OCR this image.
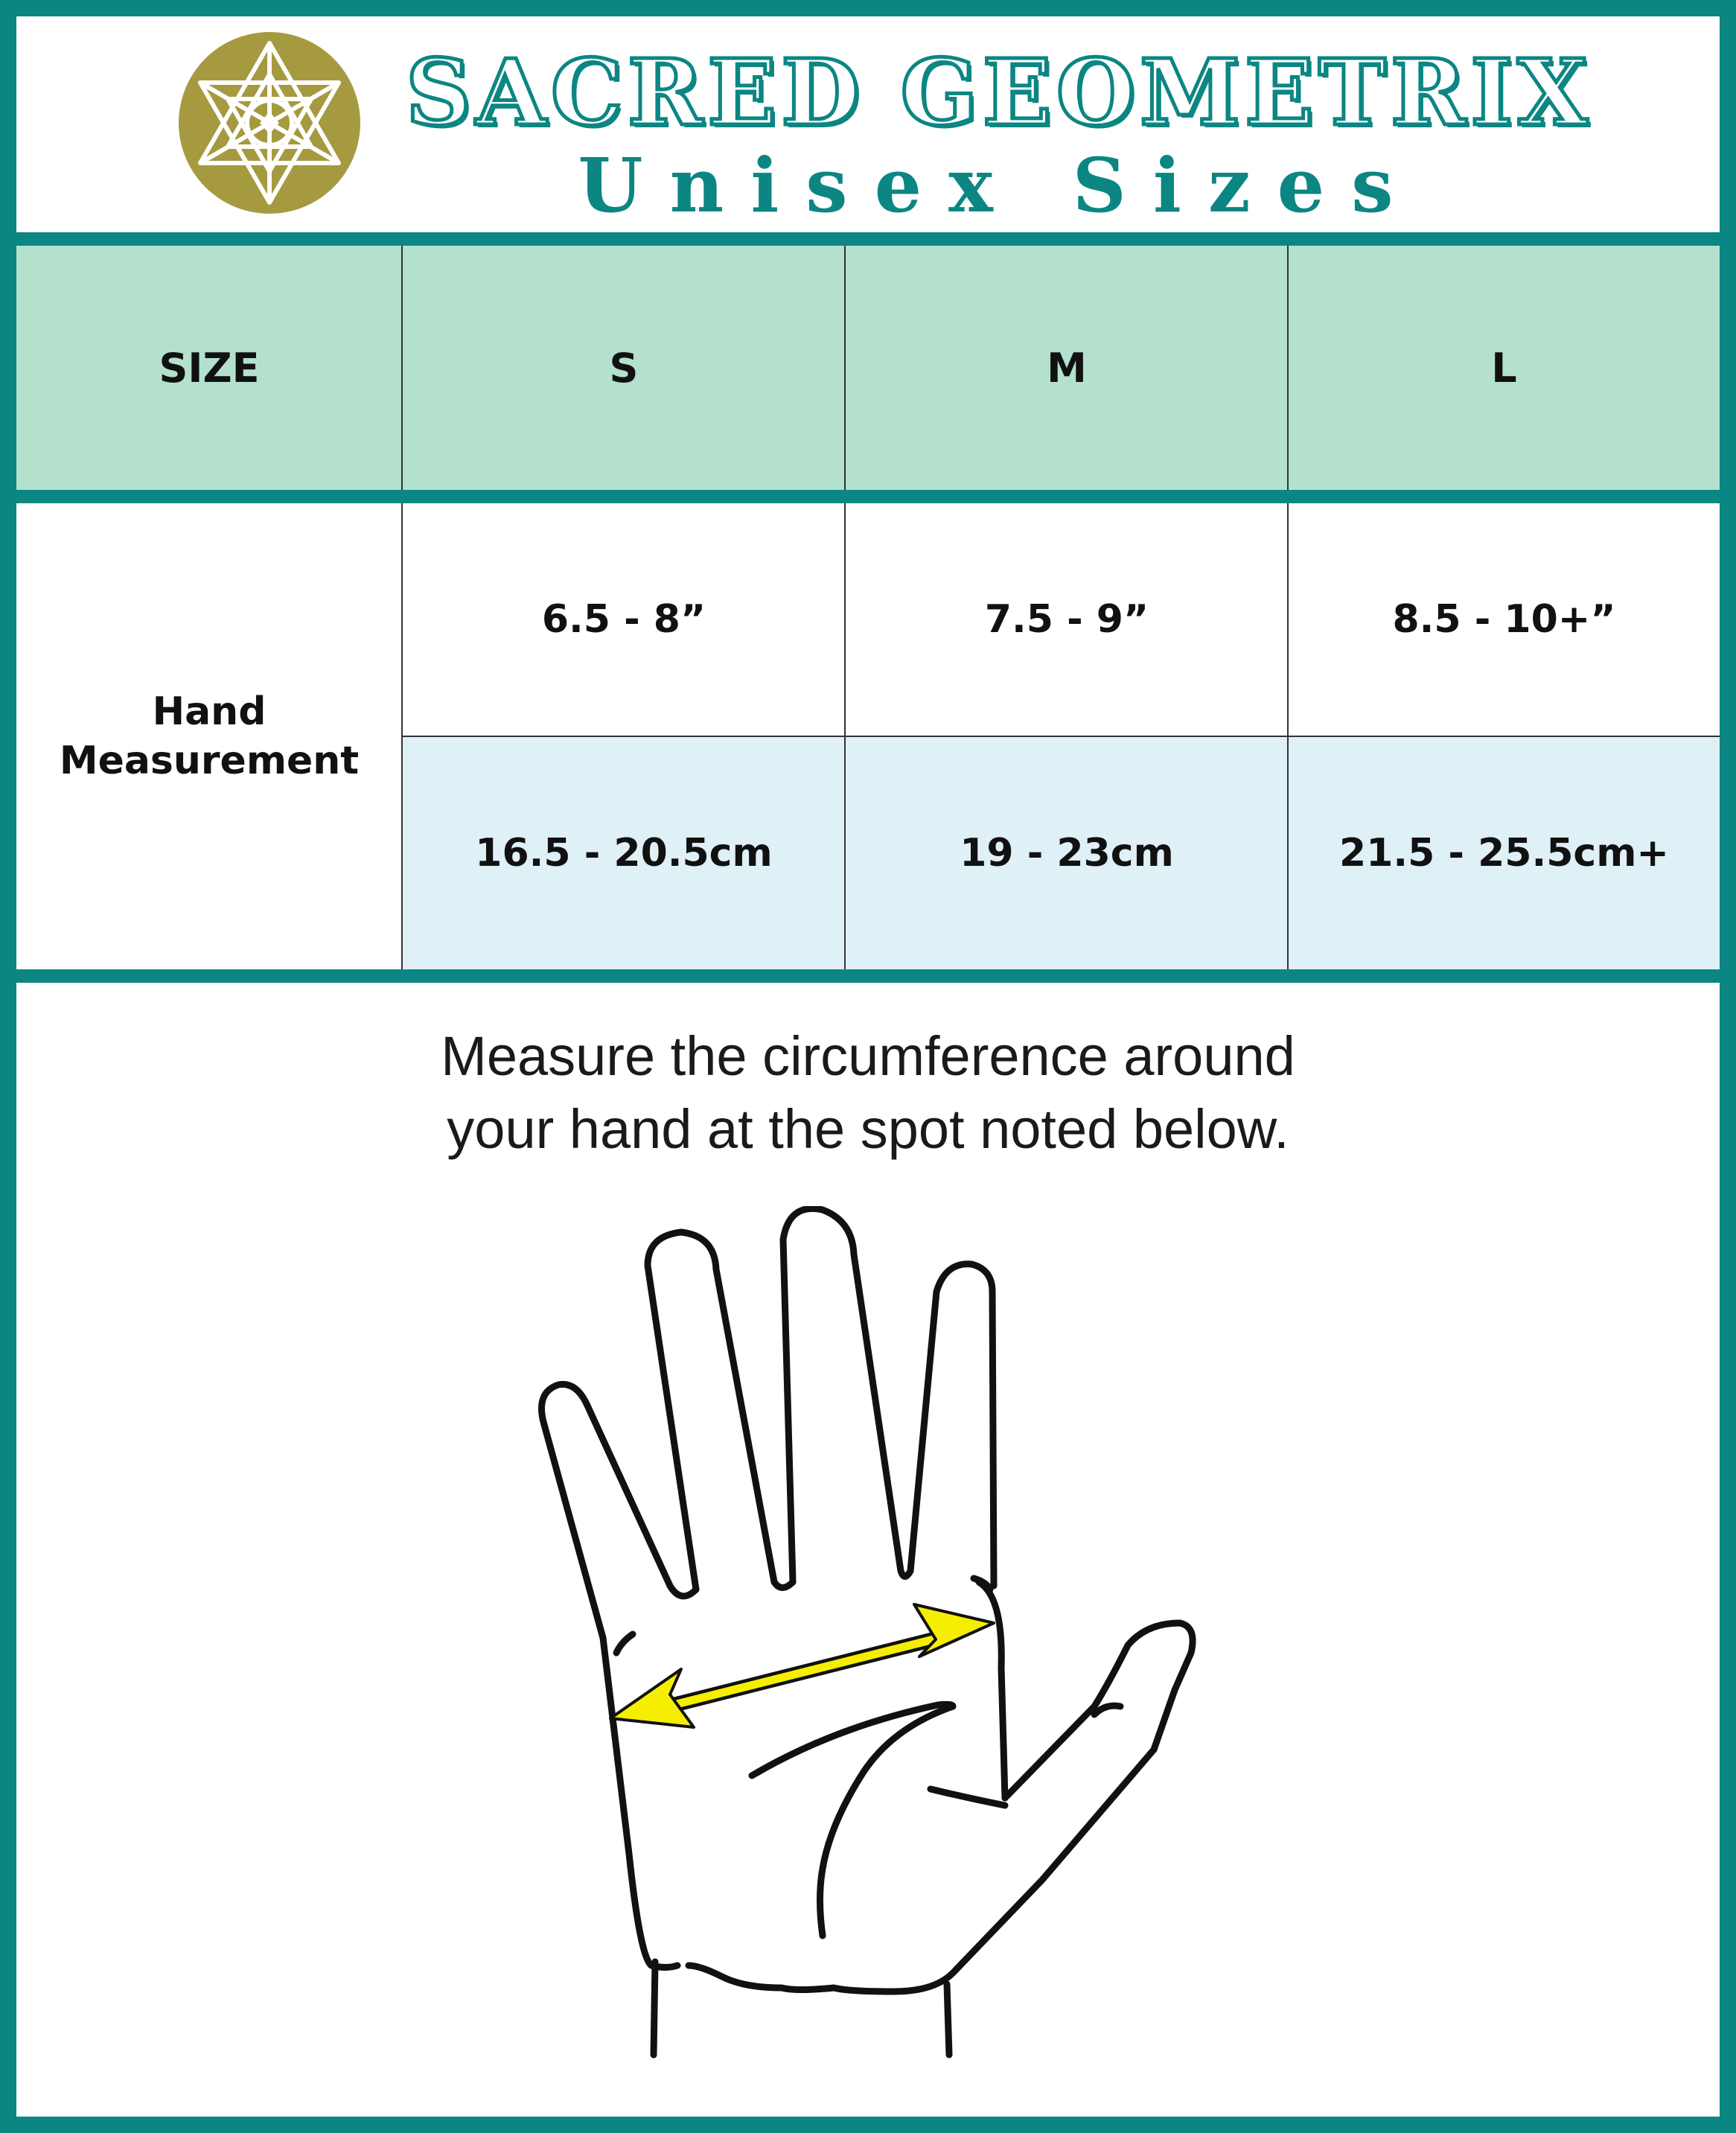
SACRED GEOMETRIX
Unisex Sizes
SIZE	S	M	L
Hand
Measurement
6.5 - 8”	7.5 - 9”	8.5 - 10+”
16.5 - 20.5cm	19 - 23cm	21.5 - 25.5cm+
Measure the circumference around
your hand at the spot noted below.
